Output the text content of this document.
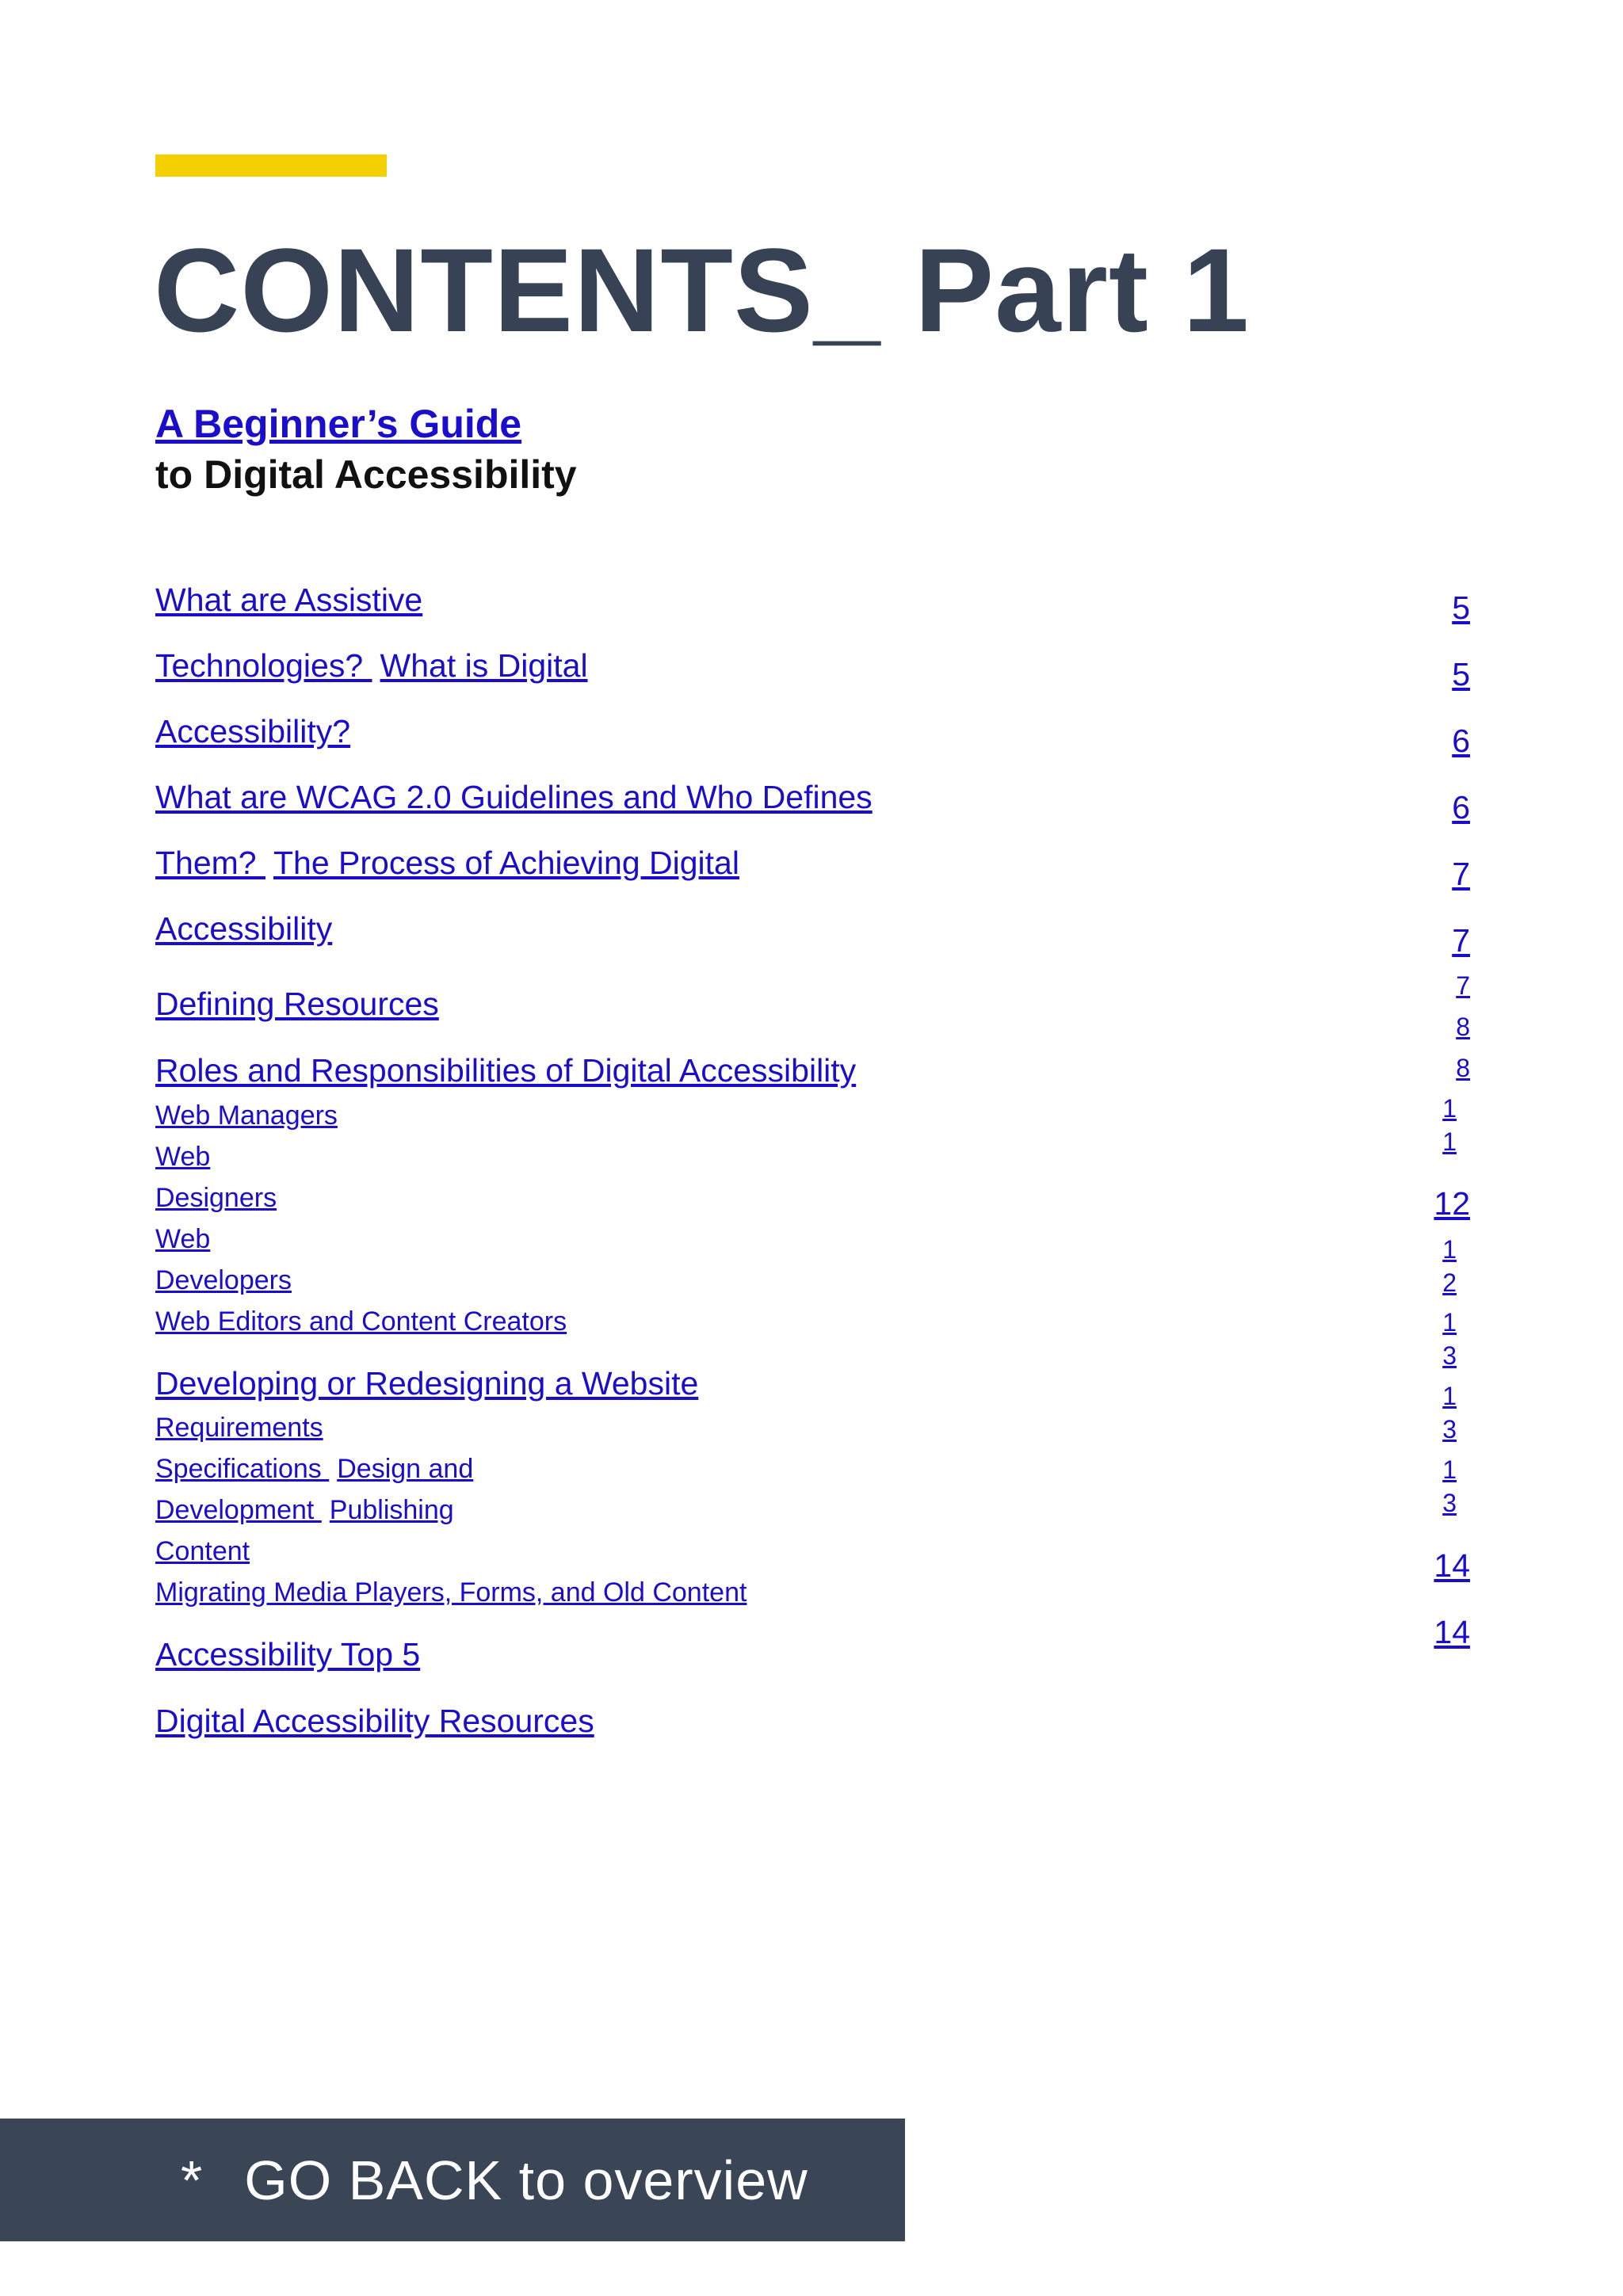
CONTENTS_ Part 1
A Beginner’s Guide
to Digital Accessibility
What are Assistive
Technologies? What is Digital
Accessibility?
What are WCAG 2.0 Guidelines and Who Defines
Them? The Process of Achieving Digital
Accessibility
Defining Resources
Roles and Responsibilities of Digital Accessibility
Web Managers
Web
Designers
Web
Developers
Web Editors and Content Creators
Developing or Redesigning a Website
Requirements
Specifications Design and
Development Publishing
Content
Migrating Media Players, Forms, and Old Content
Accessibility Top 5
Digital Accessibility Resources
5
5
6
6
7
7
7
8
8
1
1
12
1
2
1
3
1
3
1
3
14
14
* GO BACK to overview
